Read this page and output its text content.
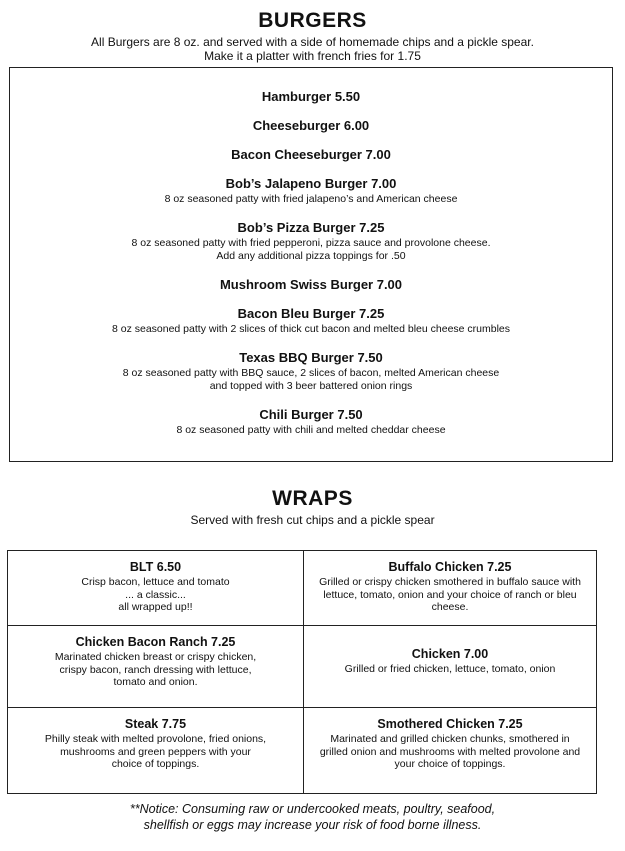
BURGERS
All Burgers are 8 oz. and served with a side of homemade chips and a pickle spear.
Make it a platter with french fries for 1.75
Hamburger 5.50
Cheeseburger 6.00
Bacon Cheeseburger 7.00
Bob’s Jalapeno Burger 7.00
8 oz seasoned patty with fried jalapeno’s and American cheese
Bob’s Pizza Burger 7.25
8 oz seasoned patty with fried pepperoni, pizza sauce and provolone cheese.
Add any additional pizza toppings for .50
Mushroom Swiss Burger 7.00
Bacon Bleu Burger 7.25
8 oz seasoned patty with 2 slices of thick cut bacon and melted bleu cheese crumbles
Texas BBQ Burger 7.50
8 oz seasoned patty with BBQ sauce, 2 slices of bacon, melted American cheese
and topped with 3 beer battered onion rings
Chili Burger 7.50
8 oz seasoned patty with chili and melted cheddar cheese
WRAPS
Served with fresh cut chips and a pickle spear
BLT 6.50
Crisp bacon, lettuce and tomato
... a classic...
all wrapped up!!
Buffalo Chicken 7.25
Grilled or crispy chicken smothered in buffalo sauce with
lettuce, tomato, onion and your choice of ranch or bleu
cheese.
Chicken Bacon Ranch 7.25
Marinated chicken breast or crispy chicken,
crispy bacon, ranch dressing with lettuce,
tomato and onion.
Chicken 7.00
Grilled or fried chicken, lettuce, tomato, onion
Steak 7.75
Philly steak with melted provolone, fried onions,
mushrooms and green peppers with your
choice of toppings.
Smothered Chicken 7.25
Marinated and grilled chicken chunks, smothered in
grilled onion and mushrooms with melted provolone and
your choice of toppings.
**Notice: Consuming raw or undercooked meats, poultry, seafood,
shellfish or eggs may increase your risk of food borne illness.
